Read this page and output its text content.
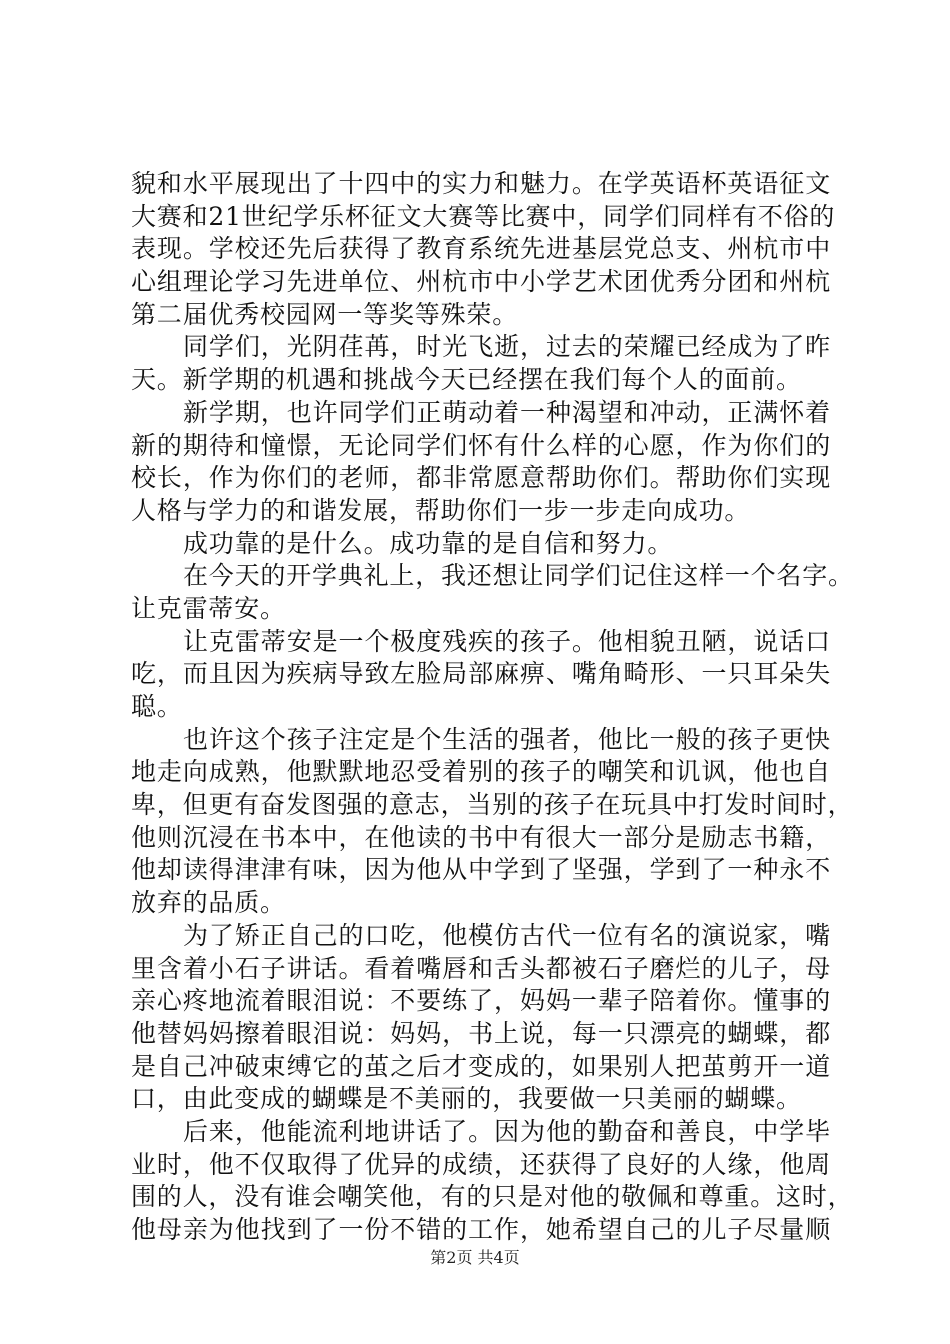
貌和水平展现出了十四中的实力和魅力。在学英语杯英语征文
大赛和21世纪学乐杯征文大赛等比赛中，同学们同样有不俗的
表现。学校还先后获得了教育系统先进基层党总支、州杭市中
心组理论学习先进单位、州杭市中小学艺术团优秀分团和州杭
第二届优秀校园网一等奖等殊荣。
同学们，光阴荏苒，时光飞逝，过去的荣耀已经成为了昨
天。新学期的机遇和挑战今天已经摆在我们每个人的面前。
新学期，也许同学们正萌动着一种渴望和冲动，正满怀着
新的期待和憧憬，无论同学们怀有什么样的心愿，作为你们的
校长，作为你们的老师，都非常愿意帮助你们。帮助你们实现
人格与学力的和谐发展，帮助你们一步一步走向成功。
成功靠的是什么。成功靠的是自信和努力。
在今天的开学典礼上，我还想让同学们记住这样一个名字。
让克雷蒂安。
让克雷蒂安是一个极度残疾的孩子。他相貌丑陋，说话口
吃，而且因为疾病导致左脸局部麻痹、嘴角畸形、一只耳朵失
聪。
也许这个孩子注定是个生活的强者，他比一般的孩子更快
地走向成熟，他默默地忍受着别的孩子的嘲笑和讥讽，他也自
卑，但更有奋发图强的意志，当别的孩子在玩具中打发时间时，
他则沉浸在书本中，在他读的书中有很大一部分是励志书籍，
他却读得津津有味，因为他从中学到了坚强，学到了一种永不
放弃的品质。
为了矫正自己的口吃，他模仿古代一位有名的演说家，嘴
里含着小石子讲话。看着嘴唇和舌头都被石子磨烂的儿子，母
亲心疼地流着眼泪说：不要练了，妈妈一辈子陪着你。懂事的
他替妈妈擦着眼泪说：妈妈，书上说，每一只漂亮的蝴蝶，都
是自己冲破束缚它的茧之后才变成的，如果别人把茧剪开一道
口，由此变成的蝴蝶是不美丽的，我要做一只美丽的蝴蝶。
后来，他能流利地讲话了。因为他的勤奋和善良，中学毕
业时，他不仅取得了优异的成绩，还获得了良好的人缘，他周
围的人，没有谁会嘲笑他，有的只是对他的敬佩和尊重。这时，
他母亲为他找到了一份不错的工作，她希望自己的儿子尽量顺
第2页 共4页
